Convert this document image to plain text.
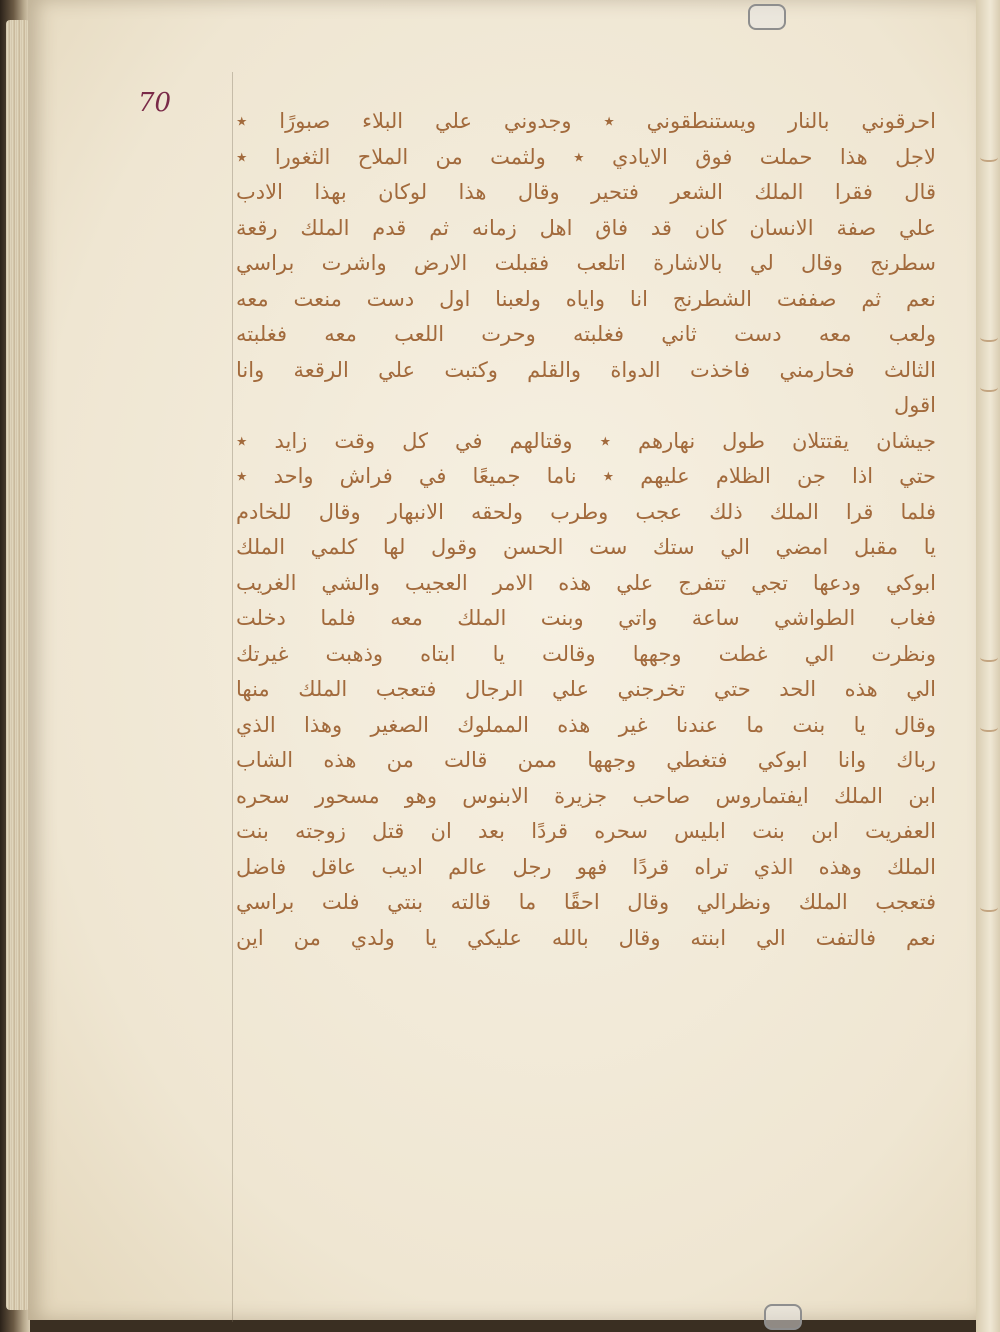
70
احرقوني بالنار ويستنطقوني ٭ وجدوني علي البلاء صبورًا ٭
لاجل هذا حملت فوق الايادي ٭ ولثمت من الملاح الثغورا ٭
قال فقرا الملك الشعر فتحير وقال هذا لوكان بهذا الادب
علي صفة الانسان كان قد فاق اهل زمانه ثم قدم الملك رقعة
سطرنج وقال لي بالاشارة اتلعب فقبلت الارض واشرت براسي
نعم ثم صففت الشطرنج انا واياه ولعبنا اول دست منعت معه
ولعب معه دست ثاني فغلبته وحرت اللعب معه فغلبته
الثالث فحارمني فاخذت الدواة والقلم وكتبت علي الرقعة وانا
اقول
جيشان يقتتلان طول نهارهم ٭ وقتالهم في كل وقت زايد ٭
حتي اذا جن الظلام عليهم ٭ ناما جميعًا في فراش واحد ٭
فلما قرا الملك ذلك عجب وطرب ولحقه الانبهار وقال للخادم
يا مقبل امضي الي ستك ست الحسن وقول لها كلمي الملك
ابوكي ودعها تجي تتفرج علي هذه الامر العجيب والشي الغريب
فغاب الطواشي ساعة واتي وبنت الملك معه فلما دخلت
ونظرت الي غطت وجهها وقالت يا ابتاه وذهبت غيرتك
الي هذه الحد حتي تخرجني علي الرجال فتعجب الملك منها
وقال يا بنت ما عندنا غير هذه المملوك الصغير وهذا الذي
رباك وانا ابوكي فتغطي وجهها ممن قالت من هذه الشاب
ابن الملك ايفتماروس صاحب جزيرة الابنوس وهو مسحور سحره
العفريت ابن بنت ابليس سحره قردًا بعد ان قتل زوجته بنت
الملك وهذه الذي تراه قردًا فهو رجل عالم اديب عاقل فاضل
فتعجب الملك ونظرالي وقال احقًا ما قالته بنتي فلت براسي
نعم فالتفت الي ابنته وقال بالله عليكي يا ولدي من اين
